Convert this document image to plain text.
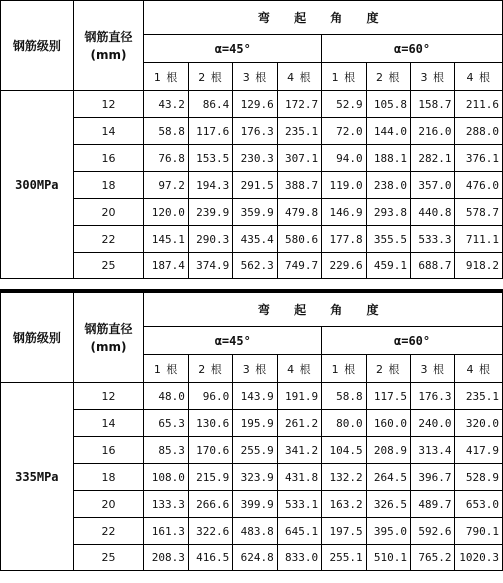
钢筋级别	钢筋直径
(mm)	弯 起 角 度							
		α=45°				α=60°			
		1 根	2 根	3 根	4 根	1 根	2 根	3 根	4 根
300MPa	12	43.2	86.4	129.6	172.7	52.9	105.8	158.7	211.6
	14	58.8	117.6	176.3	235.1	72.0	144.0	216.0	288.0
	16	76.8	153.5	230.3	307.1	94.0	188.1	282.1	376.1
	18	97.2	194.3	291.5	388.7	119.0	238.0	357.0	476.0
	20	120.0	239.9	359.9	479.8	146.9	293.8	440.8	578.7
	22	145.1	290.3	435.4	580.6	177.8	355.5	533.3	711.1
	25	187.4	374.9	562.3	749.7	229.6	459.1	688.7	918.2
钢筋级别	钢筋直径
(mm)	弯 起 角 度							
		α=45°				α=60°			
		1 根	2 根	3 根	4 根	1 根	2 根	3 根	4 根
335MPa	12	48.0	96.0	143.9	191.9	58.8	117.5	176.3	235.1
	14	65.3	130.6	195.9	261.2	80.0	160.0	240.0	320.0
	16	85.3	170.6	255.9	341.2	104.5	208.9	313.4	417.9
	18	108.0	215.9	323.9	431.8	132.2	264.5	396.7	528.9
	20	133.3	266.6	399.9	533.1	163.2	326.5	489.7	653.0
	22	161.3	322.6	483.8	645.1	197.5	395.0	592.6	790.1
	25	208.3	416.5	624.8	833.0	255.1	510.1	765.2	1020.3
